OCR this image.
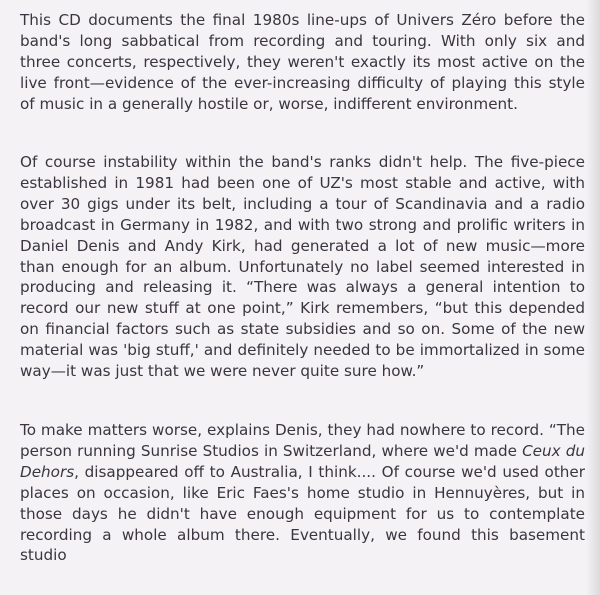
This CD documents the final 1980s line-ups of Univers Zéro before the band's long sabbatical from recording and touring. With only six and three concerts, respectively, they weren't exactly its most active on the live front—evidence of the ever-increasing difficulty of playing this style of music in a generally hostile or, worse, indifferent environment.

Of course instability within the band's ranks didn't help. The five-piece established in 1981 had been one of UZ's most stable and active, with over 30 gigs under its belt, including a tour of Scandinavia and a radio broadcast in Germany in 1982, and with two strong and prolific writers in Daniel Denis and Andy Kirk, had generated a lot of new music—more than enough for an album. Unfortunately no label seemed interested in producing and releasing it. “There was always a general intention to record our new stuff at one point,” Kirk remembers, “but this depended on financial factors such as state subsidies and so on. Some of the new material was 'big stuff,' and definitely needed to be immortalized in some way—it was just that we were never quite sure how.”

To make matters worse, explains Denis, they had nowhere to record. “The person running Sunrise Studios in Switzerland, where we'd made Ceux du Dehors, disappeared off to Australia, I think.... Of course we'd used other places on occasion, like Eric Faes's home studio in Hennuyères, but in those days he didn't have enough equipment for us to contemplate recording a whole album there. Eventually, we found this basement studio
